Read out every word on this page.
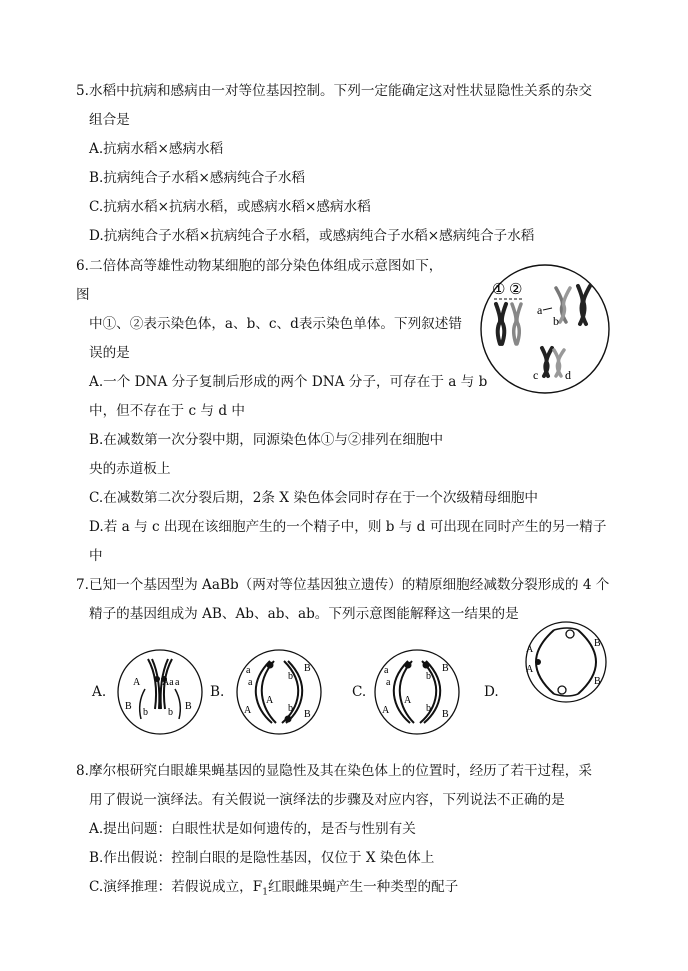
5.水稻中抗病和感病由一对等位基因控制。下列一定能确定这对性状显隐性关系的杂交
组合是
A.抗病水稻×感病水稻
B.抗病纯合子水稻×感病纯合子水稻
C.抗病水稻×抗病水稻，或感病水稻×感病水稻
D.抗病纯合子水稻×抗病纯合子水稻，或感病纯合子水稻×感病纯合子水稻
6.二倍体高等雄性动物某细胞的部分染色体组成示意图如下，
图
中①、②表示染色体，a、b、c、d表示染色单体。下列叙述错
误的是
A.一个 DNA 分子复制后形成的两个 DNA 分子，可存在于 a 与 b
中，但不存在于 c 与 d 中
B.在减数第一次分裂中期，同源染色体①与②排列在细胞中
央的赤道板上
C.在减数第二次分裂后期，2条 X 染色体会同时存在于一个次级精母细胞中
D.若 a 与 c 出现在该细胞产生的一个精子中，则 b 与 d 可出现在同时产生的另一精子
中
① ②
a
b
c d
7.已知一个基因型为 AaBb（两对等位基因独立遗传）的精原细胞经减数分裂形成的 4 个
精子的基因组成为 AB、Ab、ab、ab。下列示意图能解释这一结果的是
A.	B.	C.	D.
A Aa a
B
b b
B
a
a
b
B
A
A	b
B
a
a
b
B
A
A	b
B
A
A
B
B
8.摩尔根研究白眼雄果蝇基因的显隐性及其在染色体上的位置时，经历了若干过程，采
用了假说一演绎法。有关假说一演绎法的步骤及对应内容，下列说法不正确的是
A.提出问题：白眼性状是如何遗传的，是否与性别有关
B.作出假说：控制白眼的是隐性基因，仅位于 X 染色体上
C.演绎推理：若假说成立，$F_1$红眼雌果蝇产生一种类型的配子
